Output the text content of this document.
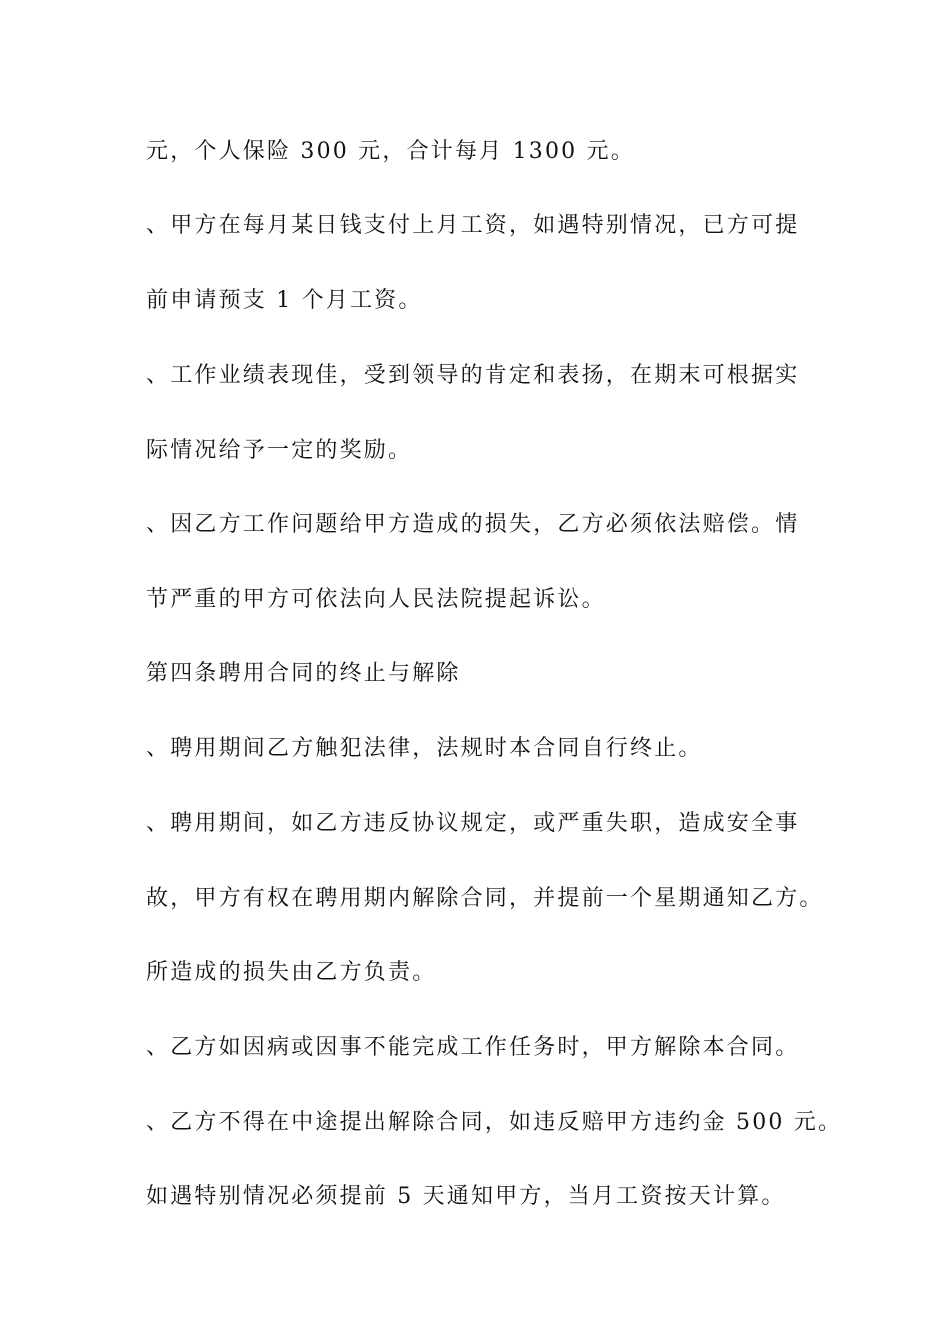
元，个人保险 300 元，合计每月 1300 元。

、甲方在每月某日钱支付上月工资，如遇特别情况，已方可提

前申请预支 1 个月工资。

、工作业绩表现佳，受到领导的肯定和表扬，在期末可根据实

际情况给予一定的奖励。

、因乙方工作问题给甲方造成的损失，乙方必须依法赔偿。情

节严重的甲方可依法向人民法院提起诉讼。

第四条聘用合同的终止与解除

、聘用期间乙方触犯法律，法规时本合同自行终止。

、聘用期间，如乙方违反协议规定，或严重失职，造成安全事

故，甲方有权在聘用期内解除合同，并提前一个星期通知乙方。

所造成的损失由乙方负责。

、乙方如因病或因事不能完成工作任务时，甲方解除本合同。

、乙方不得在中途提出解除合同，如违反赔甲方违约金 500 元。

如遇特别情况必须提前 5 天通知甲方，当月工资按天计算。
